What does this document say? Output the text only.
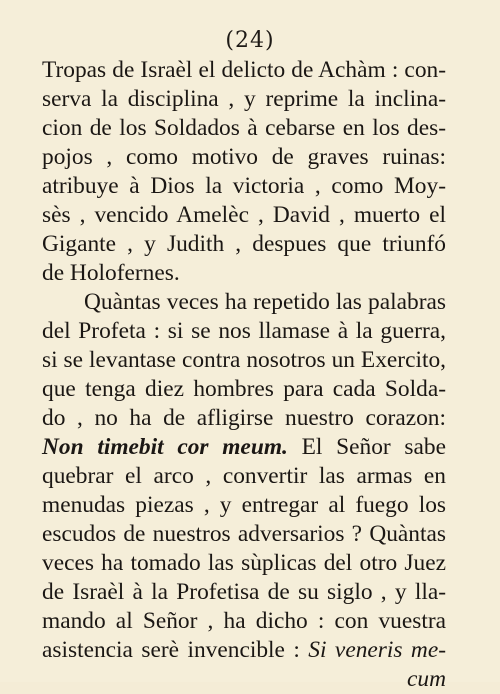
(24)
Tropas de Israèl el delicto de Achàm : con-
serva la disciplina , y reprime la inclina-
cion de los Soldados à cebarse en los des-
pojos , como motivo de graves ruinas:
atribuye à Dios la victoria , como Moy-
sès , vencido Amelèc , David , muerto el
Gigante , y Judith , despues que triunfó
de Holofernes.
Quàntas veces ha repetido las palabras
del Profeta : si se nos llamase à la guerra,
si se levantase contra nosotros un Exercito,
que tenga diez hombres para cada Solda-
do , no ha de afligirse nuestro corazon:
Non timebit cor meum. El Señor sabe
quebrar el arco , convertir las armas en
menudas piezas , y entregar al fuego los
escudos de nuestros adversarios ? Quàntas
veces ha tomado las sùplicas del otro Juez
de Israèl à la Profetisa de su siglo , y lla-
mando al Señor , ha dicho : con vuestra
asistencia serè invencible : Si veneris me-
cum
